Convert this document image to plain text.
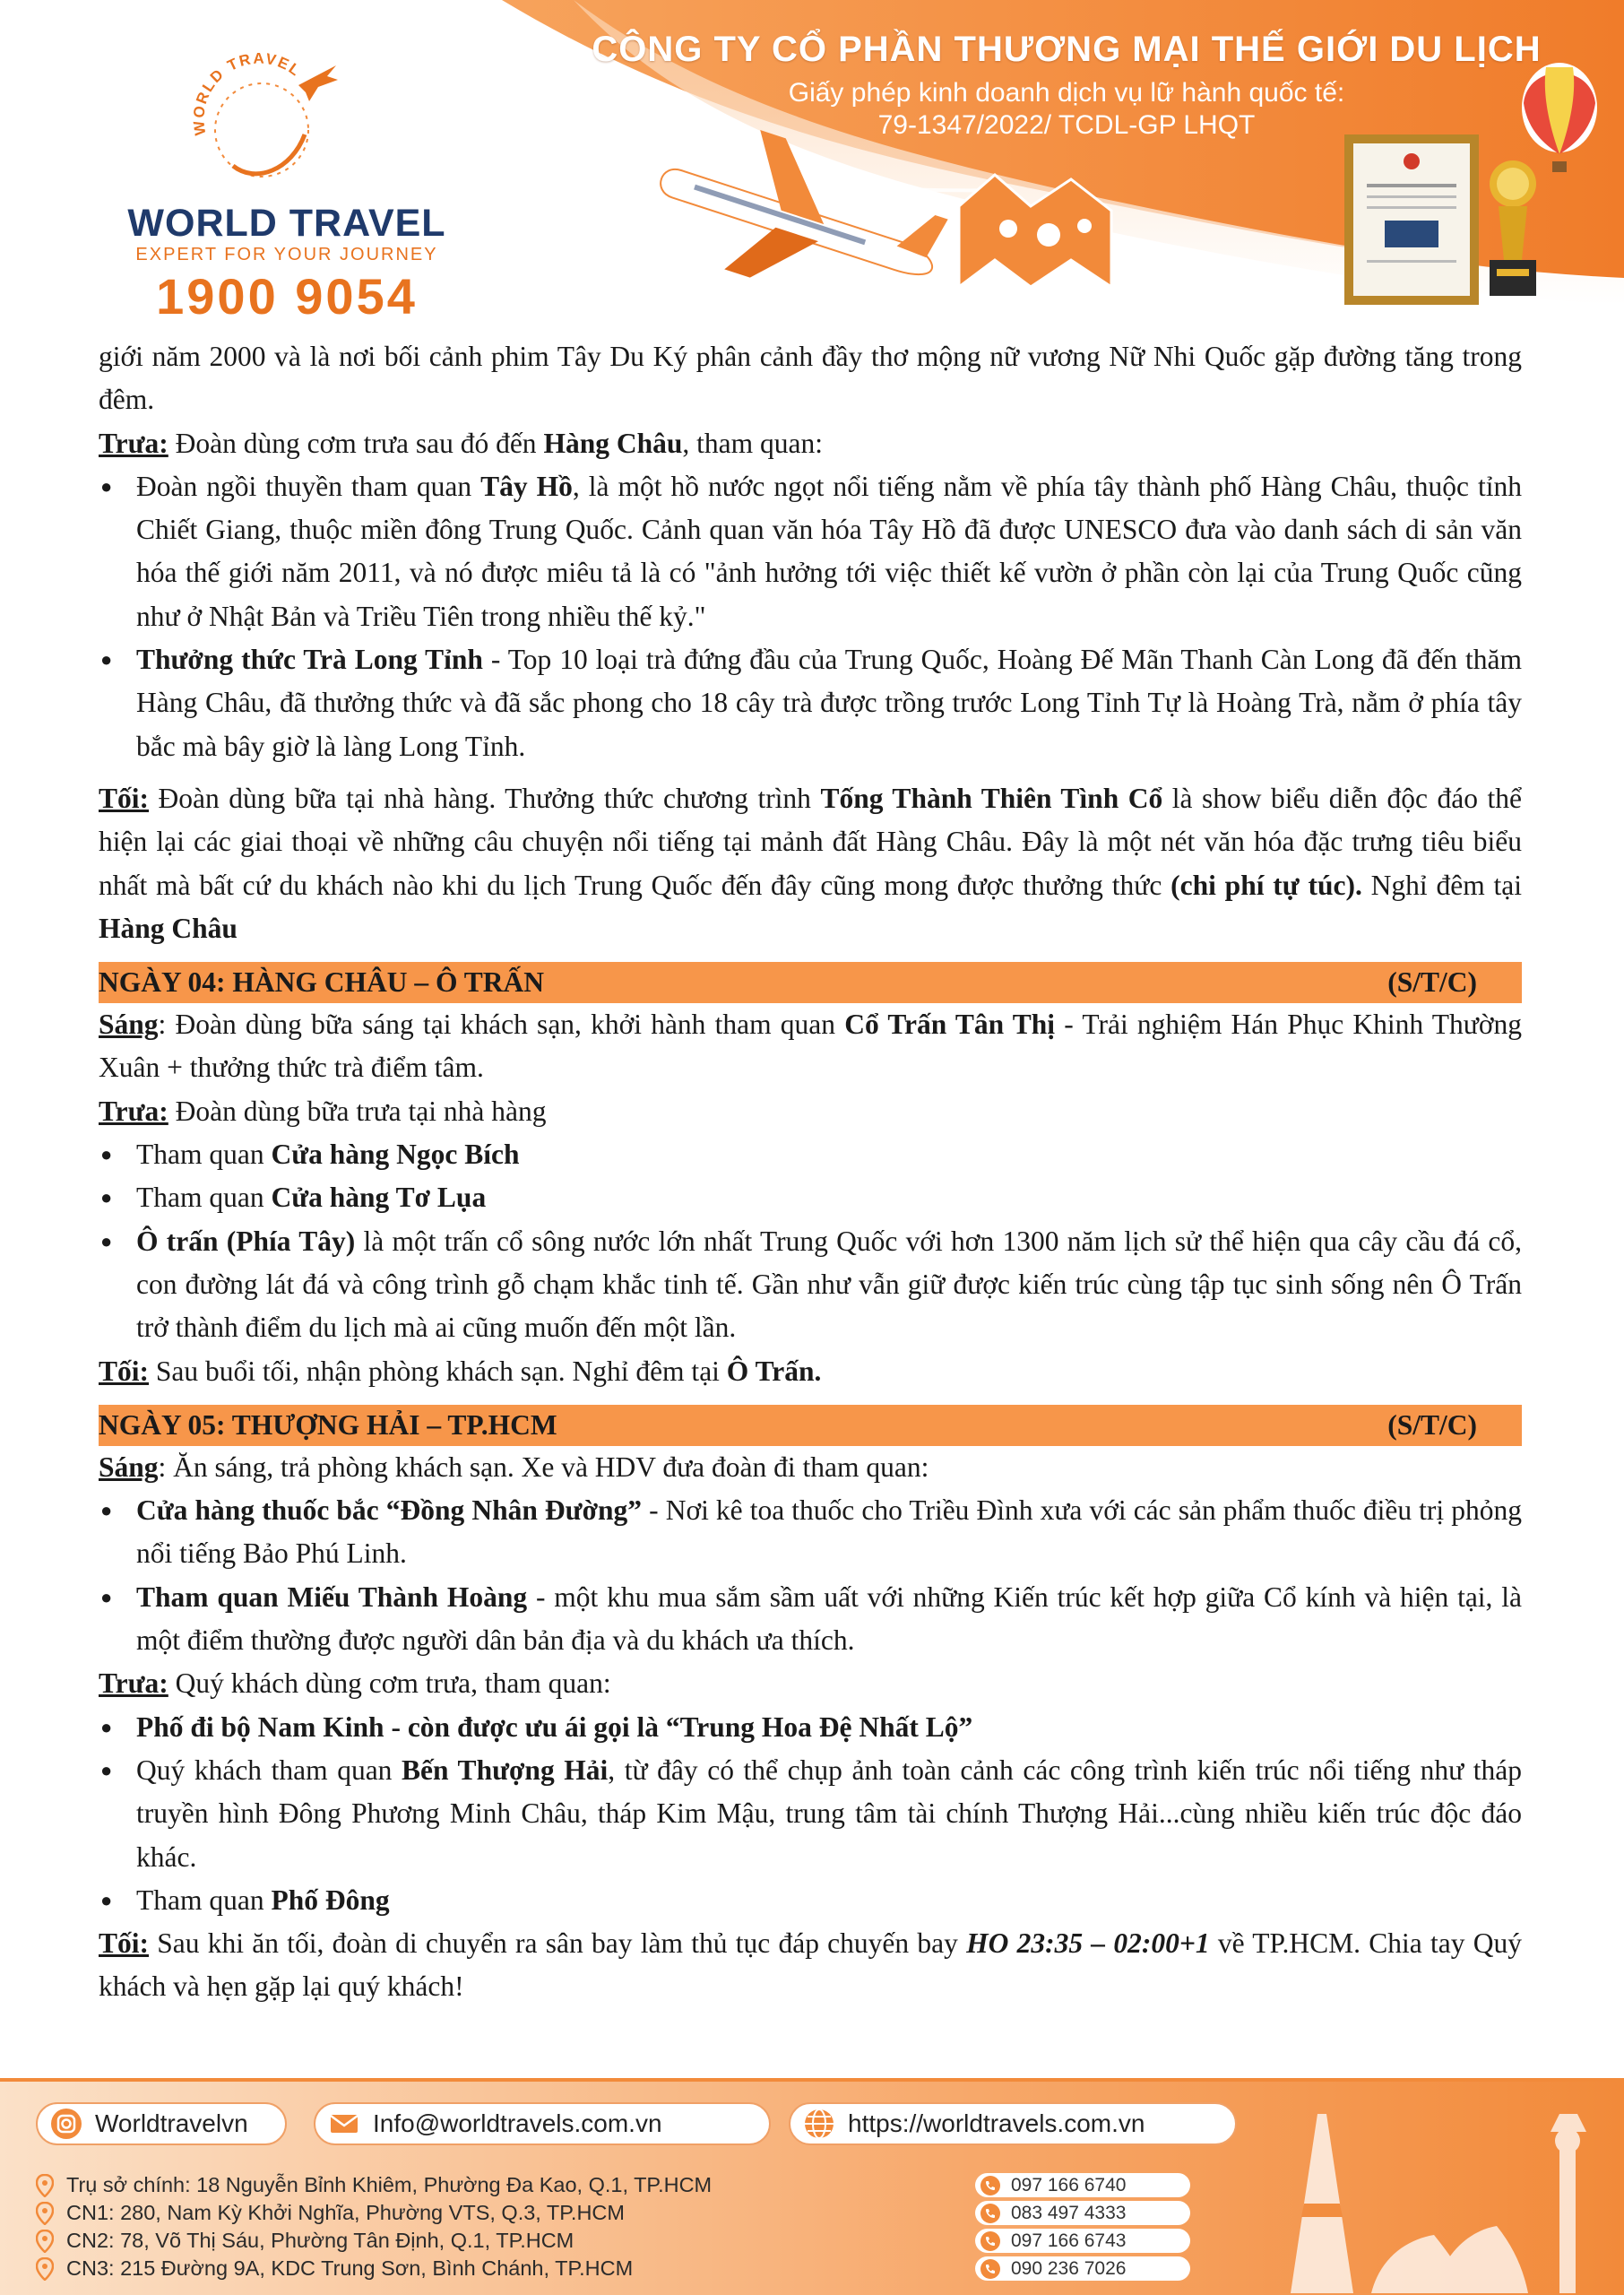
WORLD TRAVEL
WORLD TRAVEL
EXPERT FOR YOUR JOURNEY
1900 9054
CÔNG TY CỔ PHẦN THƯƠNG MẠI THẾ GIỚI DU LỊCH
Giấy phép kinh doanh dịch vụ lữ hành quốc tế:
79-1347/2022/ TCDL-GP LHQT

giới năm 2000 và là nơi bối cảnh phim Tây Du Ký phân cảnh đầy thơ mộng nữ vương Nữ Nhi Quốc gặp đường tăng trong đêm.

Trưa: Đoàn dùng cơm trưa sau đó đến Hàng Châu, tham quan:

● Đoàn ngồi thuyền tham quan Tây Hồ, là một hồ nước ngọt nổi tiếng nằm về phía tây thành phố Hàng Châu, thuộc tỉnh Chiết Giang, thuộc miền đông Trung Quốc. Cảnh quan văn hóa Tây Hồ đã được UNESCO đưa vào danh sách di sản văn hóa thế giới năm 2011, và nó được miêu tả là có "ảnh hưởng tới việc thiết kế vườn ở phần còn lại của Trung Quốc cũng như ở Nhật Bản và Triều Tiên trong nhiều thế kỷ."
● Thưởng thức Trà Long Tỉnh - Top 10 loại trà đứng đầu của Trung Quốc, Hoàng Đế Mãn Thanh Càn Long đã đến thăm Hàng Châu, đã thưởng thức và đã sắc phong cho 18 cây trà được trồng trước Long Tỉnh Tự là Hoàng Trà, nằm ở phía tây bắc mà bây giờ là làng Long Tỉnh.

Tối: Đoàn dùng bữa tại nhà hàng. Thưởng thức chương trình Tống Thành Thiên Tình Cổ là show biểu diễn độc đáo thể hiện lại các giai thoại về những câu chuyện nổi tiếng tại mảnh đất Hàng Châu. Đây là một nét văn hóa đặc trưng tiêu biểu nhất mà bất cứ du khách nào khi du lịch Trung Quốc đến đây cũng mong được thưởng thức (chi phí tự túc). Nghỉ đêm tại Hàng Châu

NGÀY 04: HÀNG CHÂU – Ô TRẤN	(S/T/C)

Sáng: Đoàn dùng bữa sáng tại khách sạn, khởi hành tham quan Cổ Trấn Tân Thị - Trải nghiệm Hán Phục Khinh Thường Xuân + thưởng thức trà điểm tâm.

Trưa: Đoàn dùng bữa trưa tại nhà hàng

● Tham quan Cửa hàng Ngọc Bích
● Tham quan Cửa hàng Tơ Lụa
● Ô trấn (Phía Tây) là một trấn cổ sông nước lớn nhất Trung Quốc với hơn 1300 năm lịch sử thể hiện qua cây cầu đá cổ, con đường lát đá và công trình gỗ chạm khắc tinh tế. Gần như vẫn giữ được kiến trúc cùng tập tục sinh sống nên Ô Trấn trở thành điểm du lịch mà ai cũng muốn đến một lần.

Tối: Sau buổi tối, nhận phòng khách sạn. Nghỉ đêm tại Ô Trấn.

NGÀY 05: THƯỢNG HẢI – TP.HCM	(S/T/C)

Sáng: Ăn sáng, trả phòng khách sạn. Xe và HDV đưa đoàn đi tham quan:

● Cửa hàng thuốc bắc “Đồng Nhân Đường” - Nơi kê toa thuốc cho Triều Đình xưa với các sản phẩm thuốc điều trị phỏng nổi tiếng Bảo Phú Linh.
● Tham quan Miếu Thành Hoàng - một khu mua sắm sầm uất với những Kiến trúc kết hợp giữa Cổ kính và hiện tại, là một điểm thường được người dân bản địa và du khách ưa thích.

Trưa: Quý khách dùng cơm trưa, tham quan:

● Phố đi bộ Nam Kinh - còn được ưu ái gọi là “Trung Hoa Đệ Nhất Lộ”
● Quý khách tham quan Bến Thượng Hải, từ đây có thể chụp ảnh toàn cảnh các công trình kiến trúc nổi tiếng như tháp truyền hình Đông Phương Minh Châu, tháp Kim Mậu, trung tâm tài chính Thượng Hải...cùng nhiều kiến trúc độc đáo khác.
● Tham quan Phố Đông

Tối: Sau khi ăn tối, đoàn di chuyển ra sân bay làm thủ tục đáp chuyến bay HO 23:35 – 02:00+1 về TP.HCM. Chia tay Quý khách và hẹn gặp lại quý khách!

Worldtravelvn	Info@worldtravels.com.vn	https://worldtravels.com.vn
Trụ sở chính: 18 Nguyễn Bỉnh Khiêm, Phường Đa Kao, Q.1, TP.HCM
CN1: 280, Nam Kỳ Khởi Nghĩa, Phường VTS, Q.3, TP.HCM
CN2: 78, Võ Thị Sáu, Phường Tân Định, Q.1, TP.HCM
CN3: 215 Đường 9A, KDC Trung Sơn, Bình Chánh, TP.HCM
097 166 6740
083 497 4333
097 166 6743
090 236 7026
